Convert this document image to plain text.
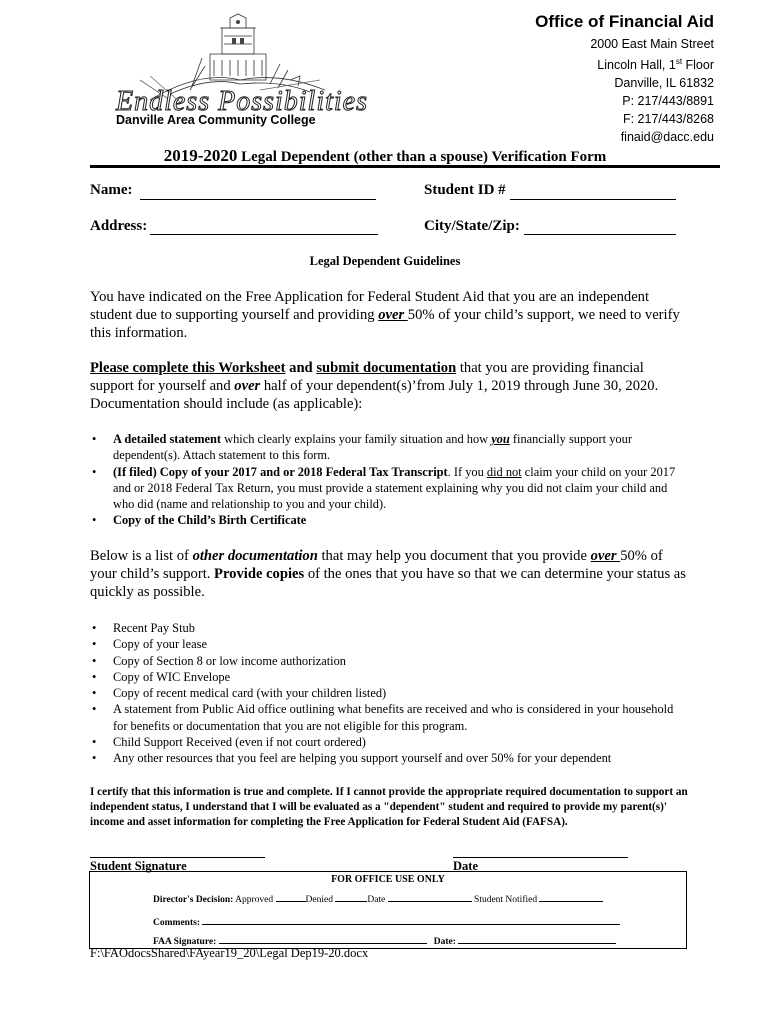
Endless Possibilities
Danville Area Community College
Office of Financial Aid
2000 East Main Street
Lincoln Hall, 1st Floor
Danville, IL 61832
P: 217/443/8891
F: 217/443/8268
finaid@dacc.edu
2019-2020 Legal Dependent (other than a spouse) Verification Form
Name:	Student ID #
Address:	City/State/Zip:
Legal Dependent Guidelines
You have indicated on the Free Application for Federal Student Aid that you are an independent student due to supporting yourself and providing over 50% of your child’s support, we need to verify this information.
Please complete this Worksheet and submit documentation that you are providing financial support for yourself and over half of your dependent(s)’from July 1, 2019 through June 30, 2020. Documentation should include (as applicable):
• A detailed statement which clearly explains your family situation and how you financially support your dependent(s). Attach statement to this form.
• (If filed) Copy of your 2017 and or 2018 Federal Tax Transcript. If you did not claim your child on your 2017 and or 2018 Federal Tax Return, you must provide a statement explaining why you did not claim your child and who did (name and relationship to you and your child).
• Copy of the Child’s Birth Certificate
Below is a list of other documentation that may help you document that you provide over 50% of your child’s support. Provide copies of the ones that you have so that we can determine your status as quickly as possible.
• Recent Pay Stub
• Copy of your lease
• Copy of Section 8 or low income authorization
• Copy of WIC Envelope
• Copy of recent medical card (with your children listed)
• A statement from Public Aid office outlining what benefits are received and who is considered in your household for benefits or documentation that you are not eligible for this program.
• Child Support Received (even if not court ordered)
• Any other resources that you feel are helping you support yourself and over 50% for your dependent
I certify that this information is true and complete. If I cannot provide the appropriate required documentation to support an independent status, I understand that I will be evaluated as a "dependent" student and required to provide my parent(s)' income and asset information for completing the Free Application for Federal Student Aid (FAFSA).
Student Signature	Date
FOR OFFICE USE ONLY
Director's Decision: Approved	Denied	Date	Student Notified
Comments:
FAA Signature:	Date:
F:\FAOdocsShared\FAyear19_20\Legal Dep19-20.docx
